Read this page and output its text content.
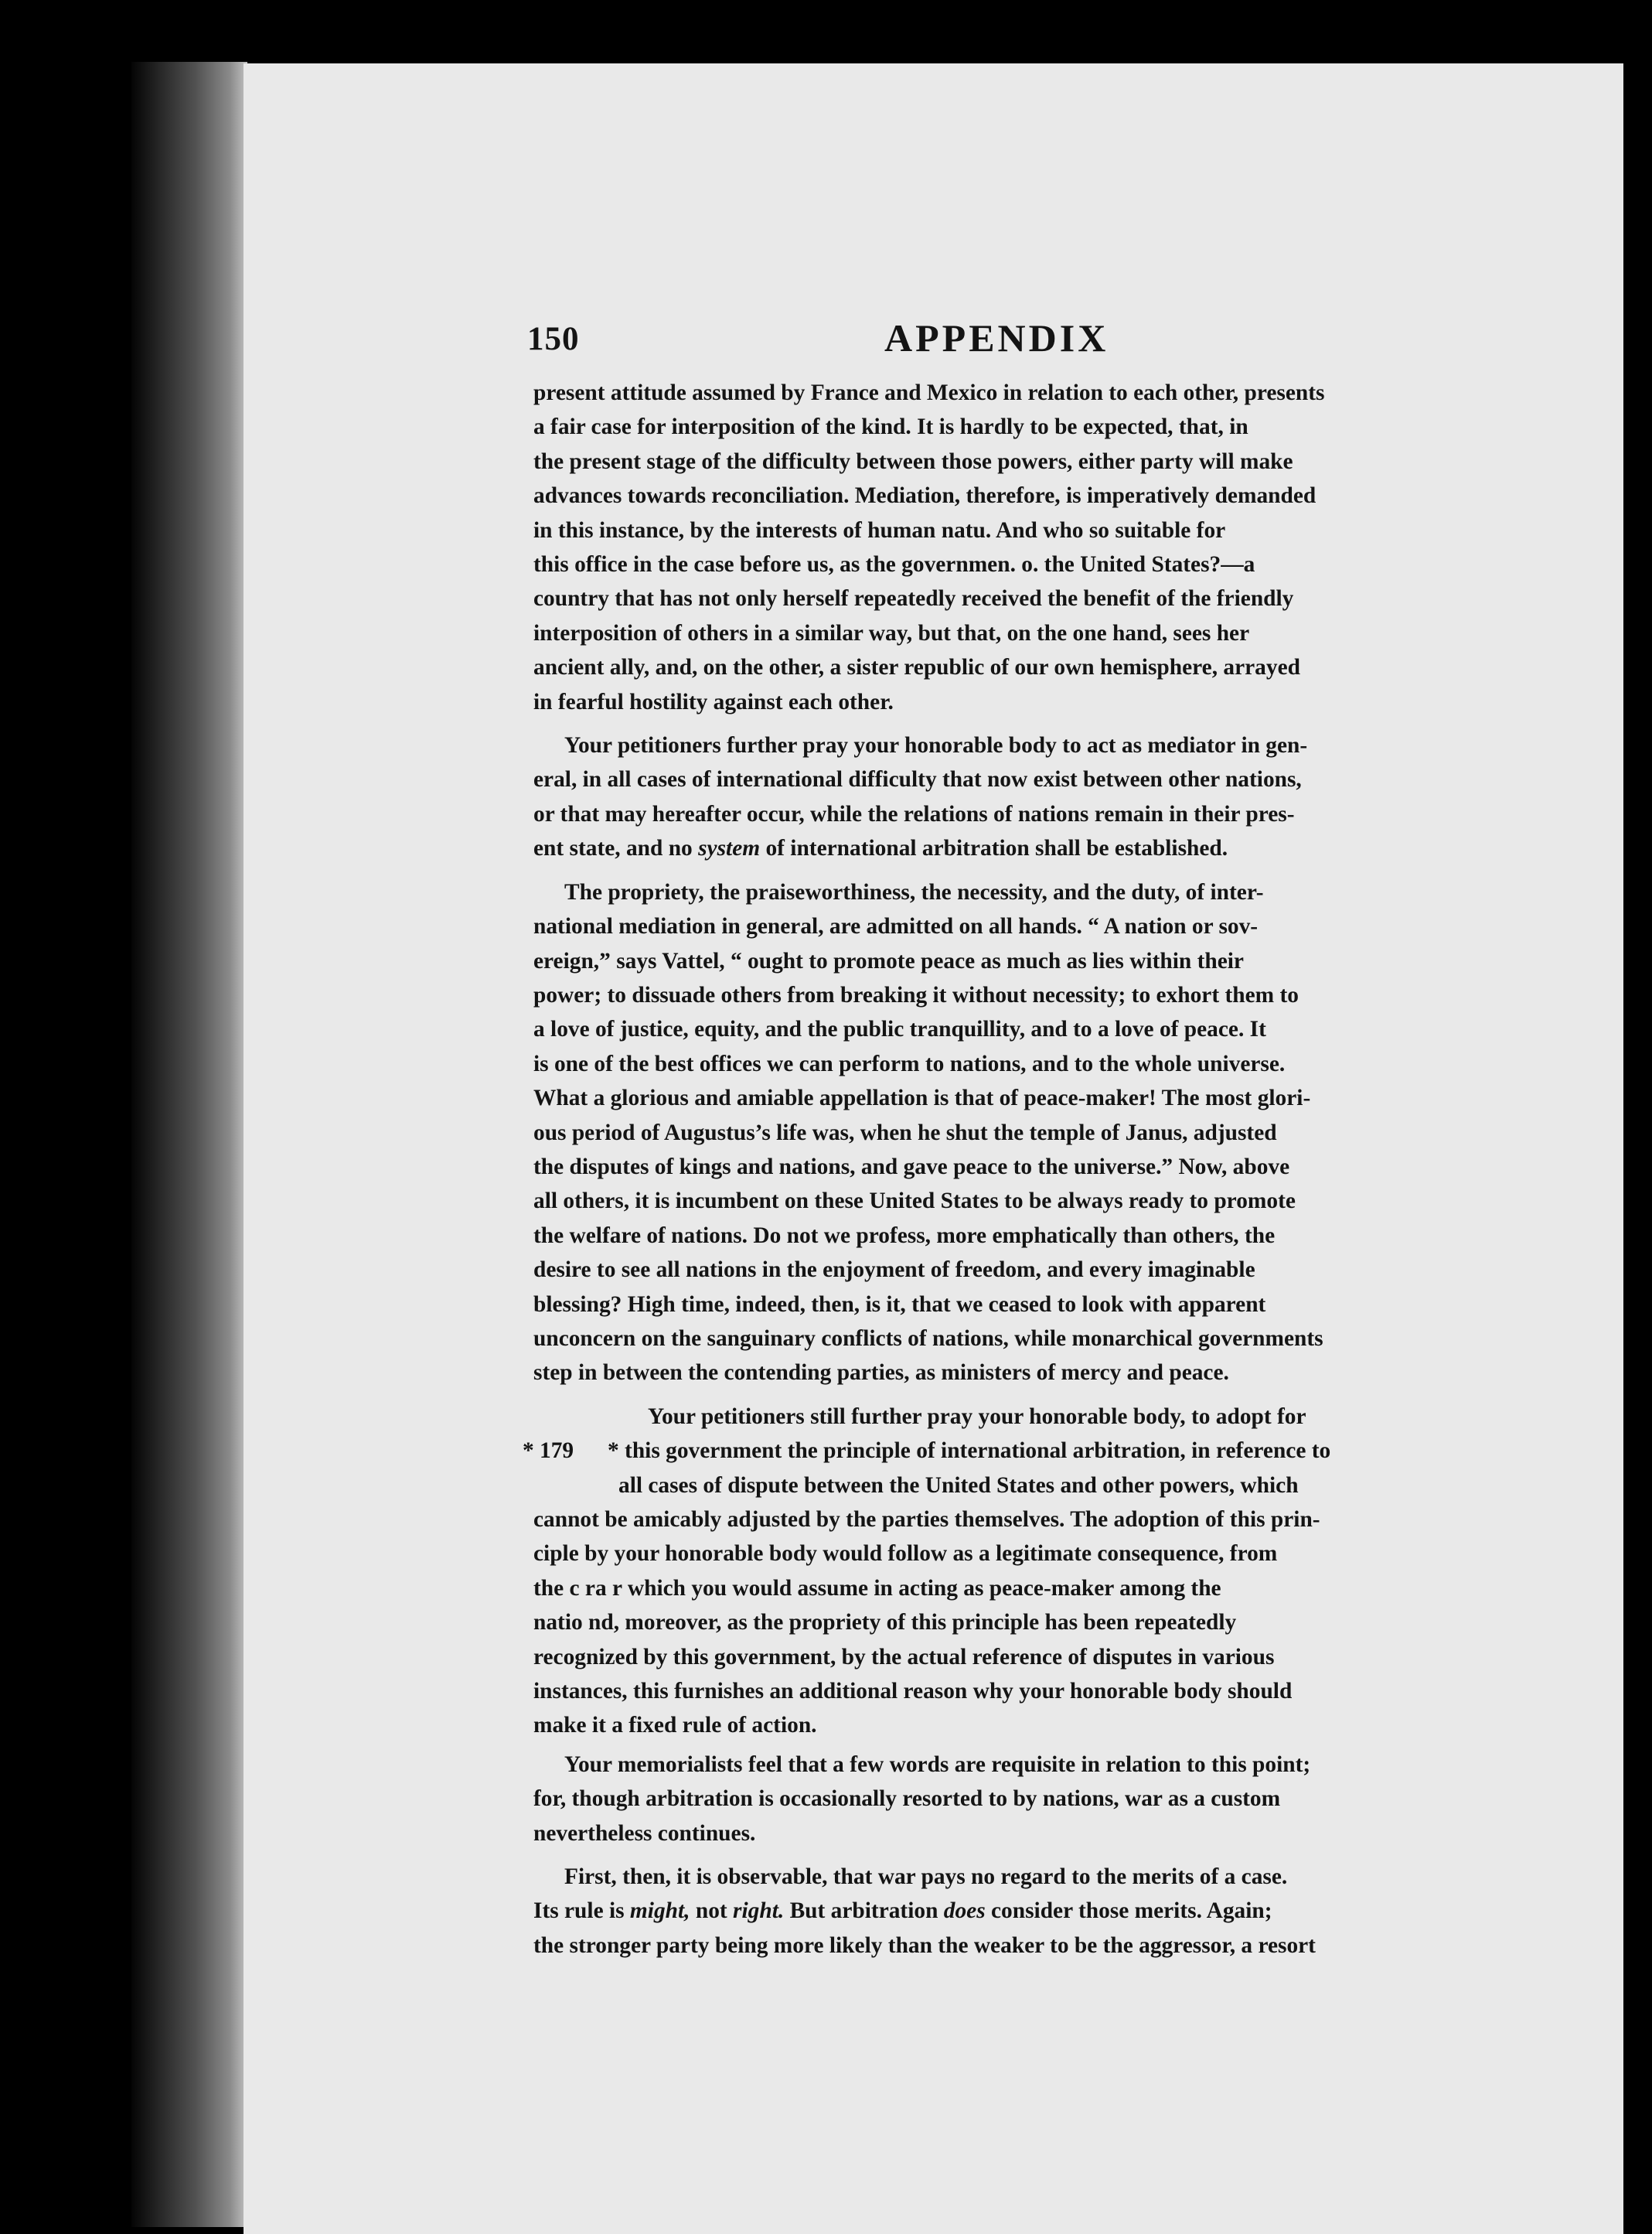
150	APPENDIX

present attitude assumed by France and Mexico in relation to each other, presents
a fair case for interposition of the kind. It is hardly to be expected, that, in
the present stage of the difficulty between those powers, either party will make
advances towards reconciliation. Mediation, therefore, is imperatively demanded
in this instance, by the interests of human natu. And who so suitable for
this office in the case before us, as the governmen. o. the United States?—a
country that has not only herself repeatedly received the benefit of the friendly
interposition of others in a similar way, but that, on the one hand, sees her
ancient ally, and, on the other, a sister republic of our own hemisphere, arrayed
in fearful hostility against each other.

Your petitioners further pray your honorable body to act as mediator in gen-
eral, in all cases of international difficulty that now exist between other nations,
or that may hereafter occur, while the relations of nations remain in their pres-
ent state, and no system of international arbitration shall be established.

The propriety, the praiseworthiness, the necessity, and the duty, of inter-
national mediation in general, are admitted on all hands. “ A nation or sov-
ereign,” says Vattel, “ ought to promote peace as much as lies within their
power; to dissuade others from breaking it without necessity; to exhort them to
a love of justice, equity, and the public tranquillity, and to a love of peace. It
is one of the best offices we can perform to nations, and to the whole universe.
What a glorious and amiable appellation is that of peace-maker! The most glori-
ous period of Augustus’s life was, when he shut the temple of Janus, adjusted
the disputes of kings and nations, and gave peace to the universe.” Now, above
all others, it is incumbent on these United States to be always ready to promote
the welfare of nations. Do not we profess, more emphatically than others, the
desire to see all nations in the enjoyment of freedom, and every imaginable
blessing? High time, indeed, then, is it, that we ceased to look with apparent
unconcern on the sanguinary conflicts of nations, while monarchical governments
step in between the contending parties, as ministers of mercy and peace.

Your petitioners still further pray your honorable body, to adopt for
* 179 * this government the principle of international arbitration, in reference to
all cases of dispute between the United States and other powers, which
cannot be amicably adjusted by the parties themselves. The adoption of this prin-
ciple by your honorable body would follow as a legitimate consequence, from
the c ra r which you would assume in acting as peace-maker among the
natio nd, moreover, as the propriety of this principle has been repeatedly
recognized by this government, by the actual reference of disputes in various
instances, this furnishes an additional reason why your honorable body should
make it a fixed rule of action.

Your memorialists feel that a few words are requisite in relation to this point;
for, though arbitration is occasionally resorted to by nations, war as a custom
nevertheless continues.

First, then, it is observable, that war pays no regard to the merits of a case.
Its rule is might, not right. But arbitration does consider those merits. Again;
the stronger party being more likely than the weaker to be the aggressor, a resort
